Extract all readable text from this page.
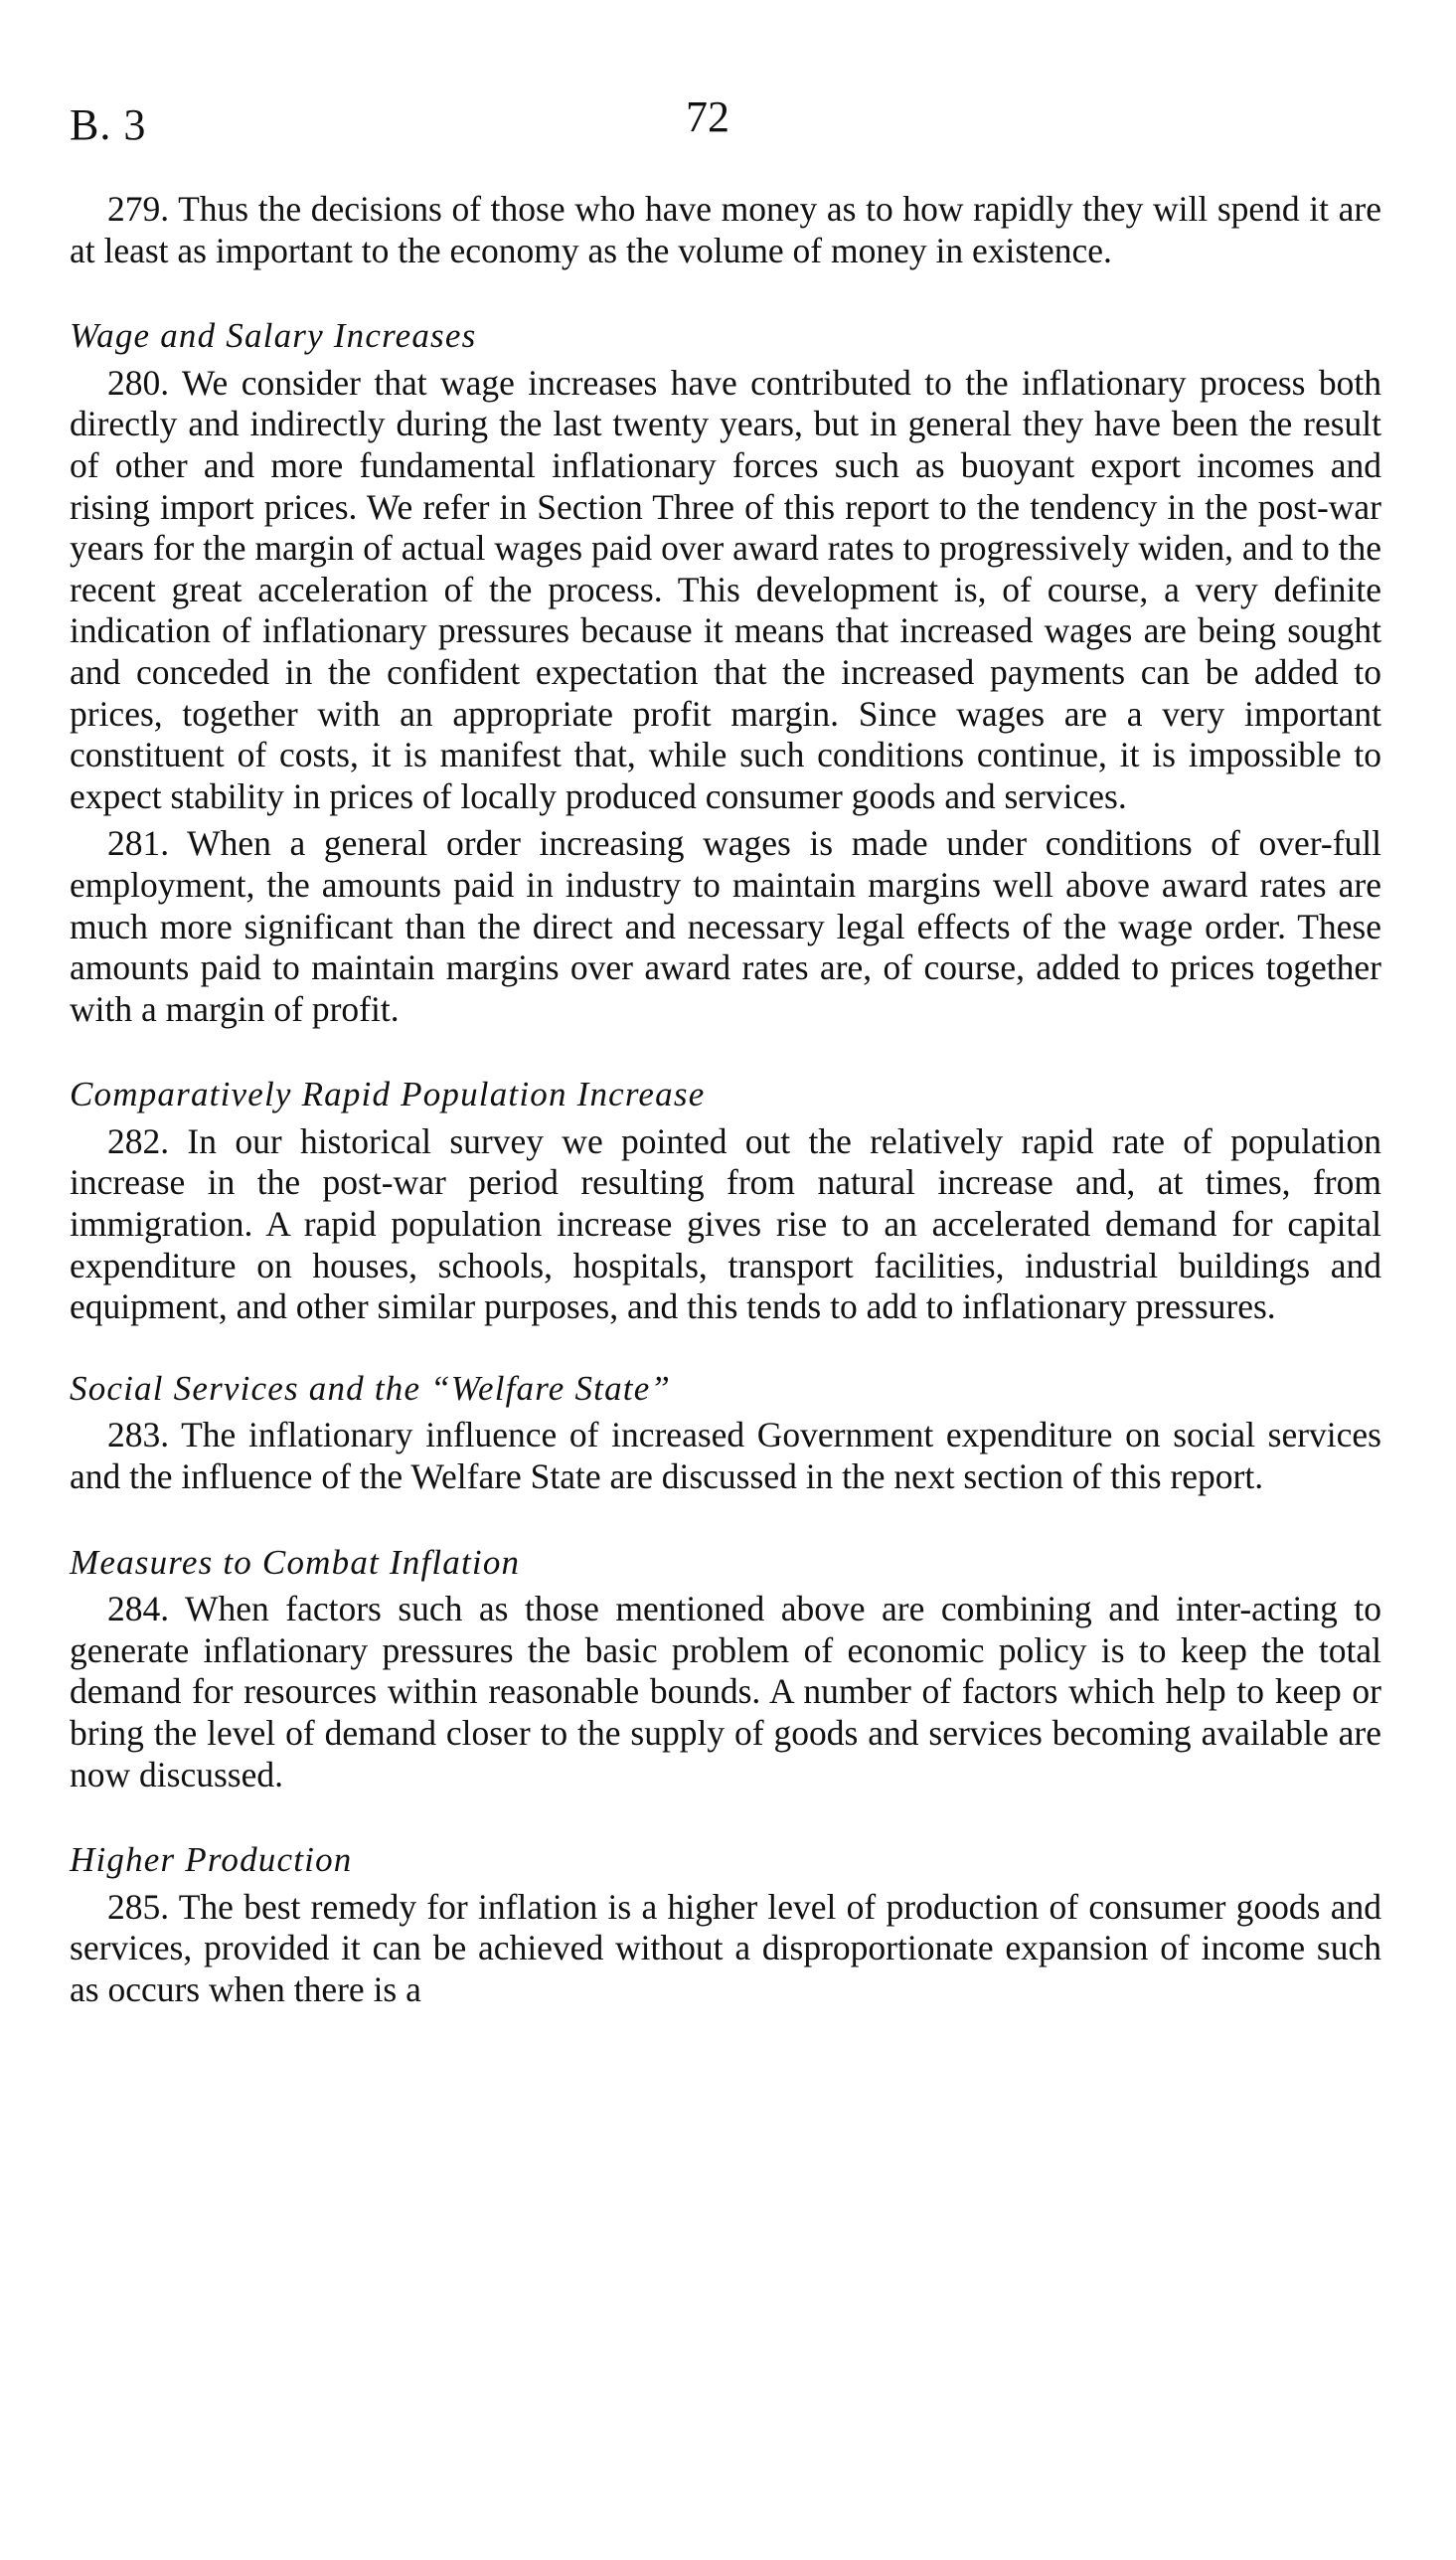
B. 3	72

279. Thus the decisions of those who have money as to how rapidly they will spend it are at least as important to the economy as the volume of money in existence.

Wage and Salary Increases

280. We consider that wage increases have contributed to the inflationary process both directly and indirectly during the last twenty years, but in general they have been the result of other and more fundamental inflationary forces such as buoyant export incomes and rising import prices. We refer in Section Three of this report to the tendency in the post-war years for the margin of actual wages paid over award rates to progressively widen, and to the recent great acceleration of the process. This development is, of course, a very definite indication of inflationary pressures because it means that increased wages are being sought and conceded in the confident expectation that the increased payments can be added to prices, together with an appropriate profit margin. Since wages are a very important constituent of costs, it is manifest that, while such conditions continue, it is impossible to expect stability in prices of locally produced consumer goods and services.

281. When a general order increasing wages is made under conditions of over-full employment, the amounts paid in industry to maintain margins well above award rates are much more significant than the direct and necessary legal effects of the wage order. These amounts paid to maintain margins over award rates are, of course, added to prices together with a margin of profit.

Comparatively Rapid Population Increase

282. In our historical survey we pointed out the relatively rapid rate of population increase in the post-war period resulting from natural increase and, at times, from immigration. A rapid population increase gives rise to an accelerated demand for capital expenditure on houses, schools, hospitals, transport facilities, industrial buildings and equipment, and other similar purposes, and this tends to add to inflationary pressures.

Social Services and the “Welfare State”

283. The inflationary influence of increased Government expenditure on social services and the influence of the Welfare State are discussed in the next section of this report.

Measures to Combat Inflation

284. When factors such as those mentioned above are combining and inter-acting to generate inflationary pressures the basic problem of economic policy is to keep the total demand for resources within reasonable bounds. A number of factors which help to keep or bring the level of demand closer to the supply of goods and services becoming available are now discussed.

Higher Production

285. The best remedy for inflation is a higher level of production of consumer goods and services, provided it can be achieved without a disproportionate expansion of income such as occurs when there is a
